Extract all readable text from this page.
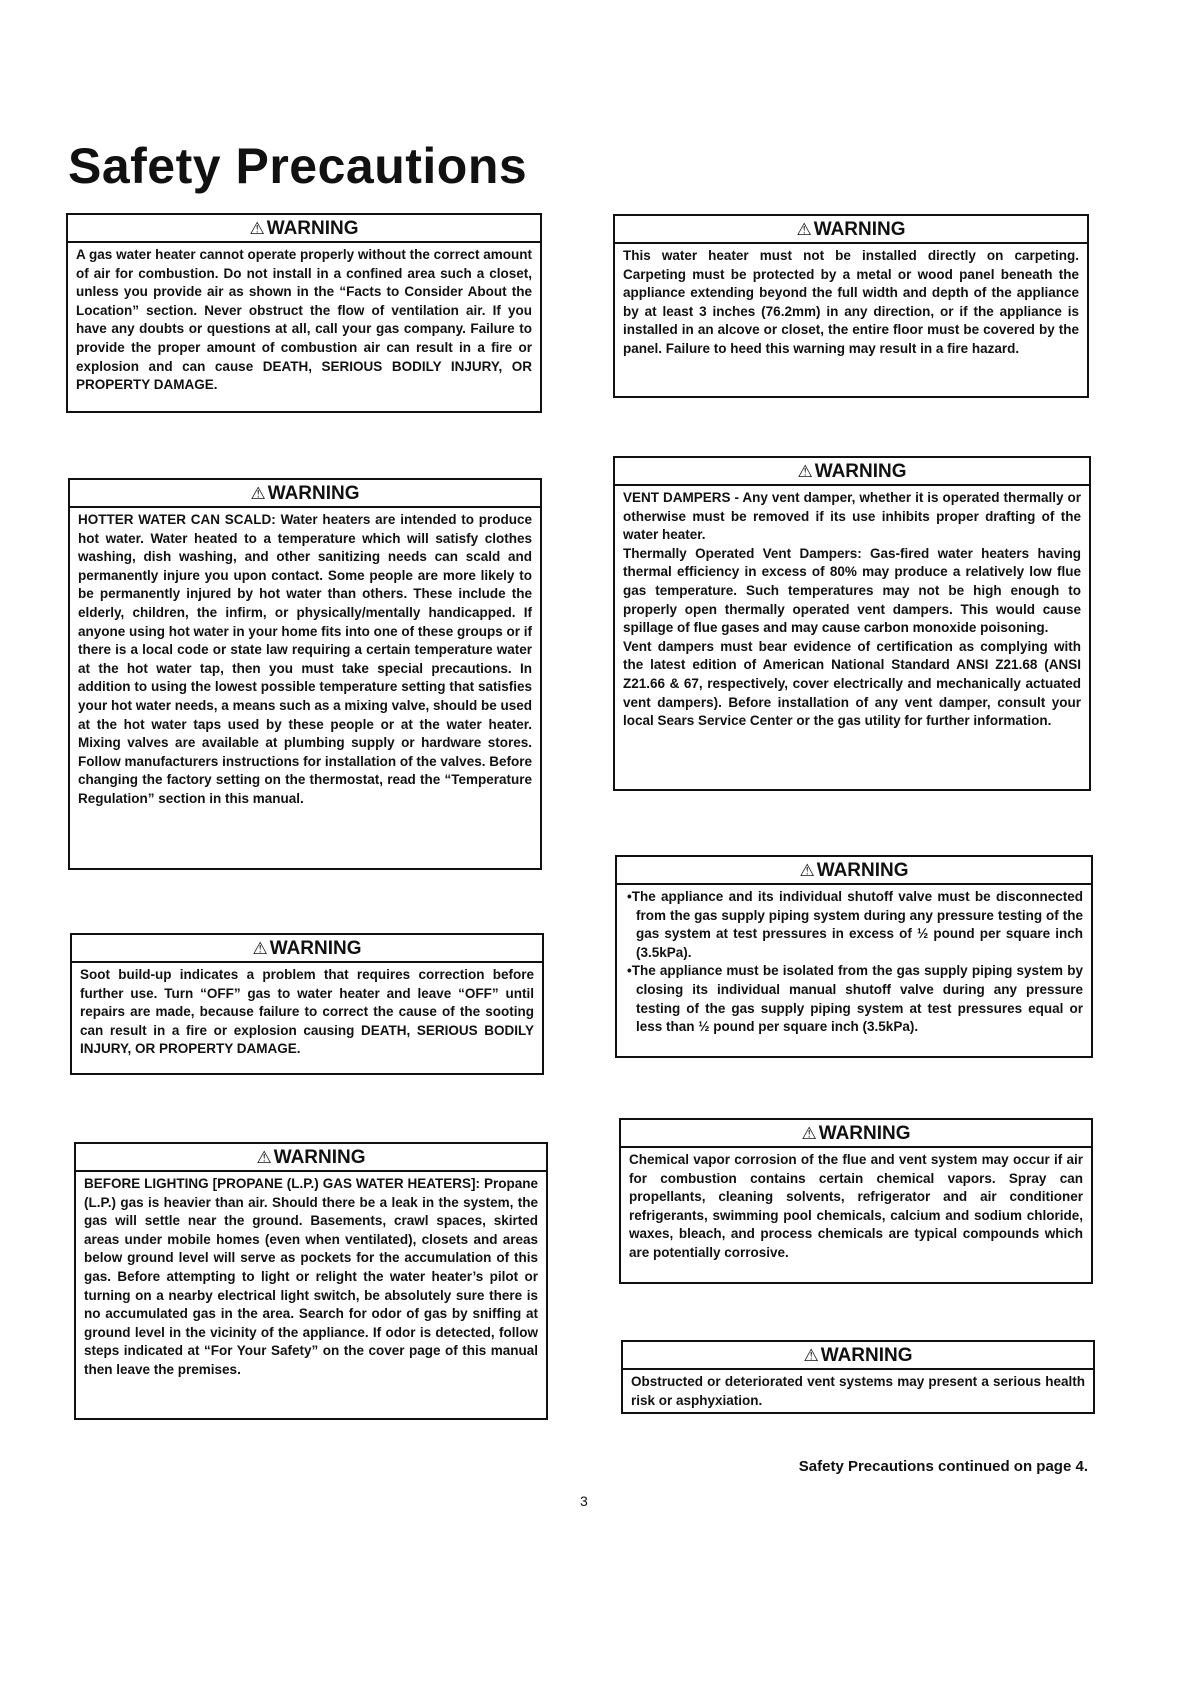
Safety Precautions
⚠ WARNING

A gas water heater cannot operate properly without the correct amount of air for combustion. Do not install in a confined area such a closet, unless you provide air as shown in the “Facts to Consider About the Location” section. Never obstruct the flow of ventilation air. If you have any doubts or questions at all, call your gas company. Failure to provide the proper amount of combustion air can result in a fire or explosion and can cause DEATH, SERIOUS BODILY INJURY, OR PROPERTY DAMAGE.

⚠ WARNING

HOTTER WATER CAN SCALD: Water heaters are intended to produce hot water. Water heated to a temperature which will satisfy clothes washing, dish washing, and other sanitizing needs can scald and permanently injure you upon contact. Some people are more likely to be permanently injured by hot water than others. These include the elderly, children, the infirm, or physically/mentally handicapped. If anyone using hot water in your home fits into one of these groups or if there is a local code or state law requiring a certain temperature water at the hot water tap, then you must take special precautions. In addition to using the lowest possible temperature setting that satisfies your hot water needs, a means such as a mixing valve, should be used at the hot water taps used by these people or at the water heater. Mixing valves are available at plumbing supply or hardware stores. Follow manufacturers instructions for installation of the valves. Before changing the factory setting on the thermostat, read the “Temperature Regulation” section in this manual.

⚠ WARNING

Soot build-up indicates a problem that requires correction before further use. Turn “OFF” gas to water heater and leave “OFF” until repairs are made, because failure to correct the cause of the sooting can result in a fire or explosion causing DEATH, SERIOUS BODILY INJURY, OR PROPERTY DAMAGE.

⚠ WARNING

BEFORE LIGHTING [PROPANE (L.P.) GAS WATER HEATERS]: Propane (L.P.) gas is heavier than air. Should there be a leak in the system, the gas will settle near the ground. Basements, crawl spaces, skirted areas under mobile homes (even when ventilated), closets and areas below ground level will serve as pockets for the accumulation of this gas. Before attempting to light or relight the water heater’s pilot or turning on a nearby electrical light switch, be absolutely sure there is no accumulated gas in the area. Search for odor of gas by sniffing at ground level in the vicinity of the appliance. If odor is detected, follow steps indicated at “For Your Safety” on the cover page of this manual then leave the premises.

⚠ WARNING

This water heater must not be installed directly on carpeting. Carpeting must be protected by a metal or wood panel beneath the appliance extending beyond the full width and depth of the appliance by at least 3 inches (76.2mm) in any direction, or if the appliance is installed in an alcove or closet, the entire floor must be covered by the panel. Failure to heed this warning may result in a fire hazard.

⚠ WARNING

VENT DAMPERS - Any vent damper, whether it is operated thermally or otherwise must be removed if its use inhibits proper drafting of the water heater.

Thermally Operated Vent Dampers: Gas-fired water heaters having thermal efficiency in excess of 80% may produce a relatively low flue gas temperature. Such temperatures may not be high enough to properly open thermally operated vent dampers. This would cause spillage of flue gases and may cause carbon monoxide poisoning.

Vent dampers must bear evidence of certification as complying with the latest edition of American National Standard ANSI Z21.68 (ANSI Z21.66 & 67, respectively, cover electrically and mechanically actuated vent dampers). Before installation of any vent damper, consult your local Sears Service Center or the gas utility for further information.

⚠ WARNING
•The appliance and its individual shutoff valve must be disconnected from the gas supply piping system during any pressure testing of the gas system at test pressures in excess of ½ pound per square inch (3.5kPa).
•The appliance must be isolated from the gas supply piping system by closing its individual manual shutoff valve during any pressure testing of the gas supply piping system at test pressures equal or less than ½ pound per square inch (3.5kPa).
⚠ WARNING

Chemical vapor corrosion of the flue and vent system may occur if air for combustion contains certain chemical vapors. Spray can propellants, cleaning solvents, refrigerator and air conditioner refrigerants, swimming pool chemicals, calcium and sodium chloride, waxes, bleach, and process chemicals are typical compounds which are potentially corrosive.

⚠ WARNING

Obstructed or deteriorated vent systems may present a serious health risk or asphyxiation.

Safety Precautions continued on page 4.

3
